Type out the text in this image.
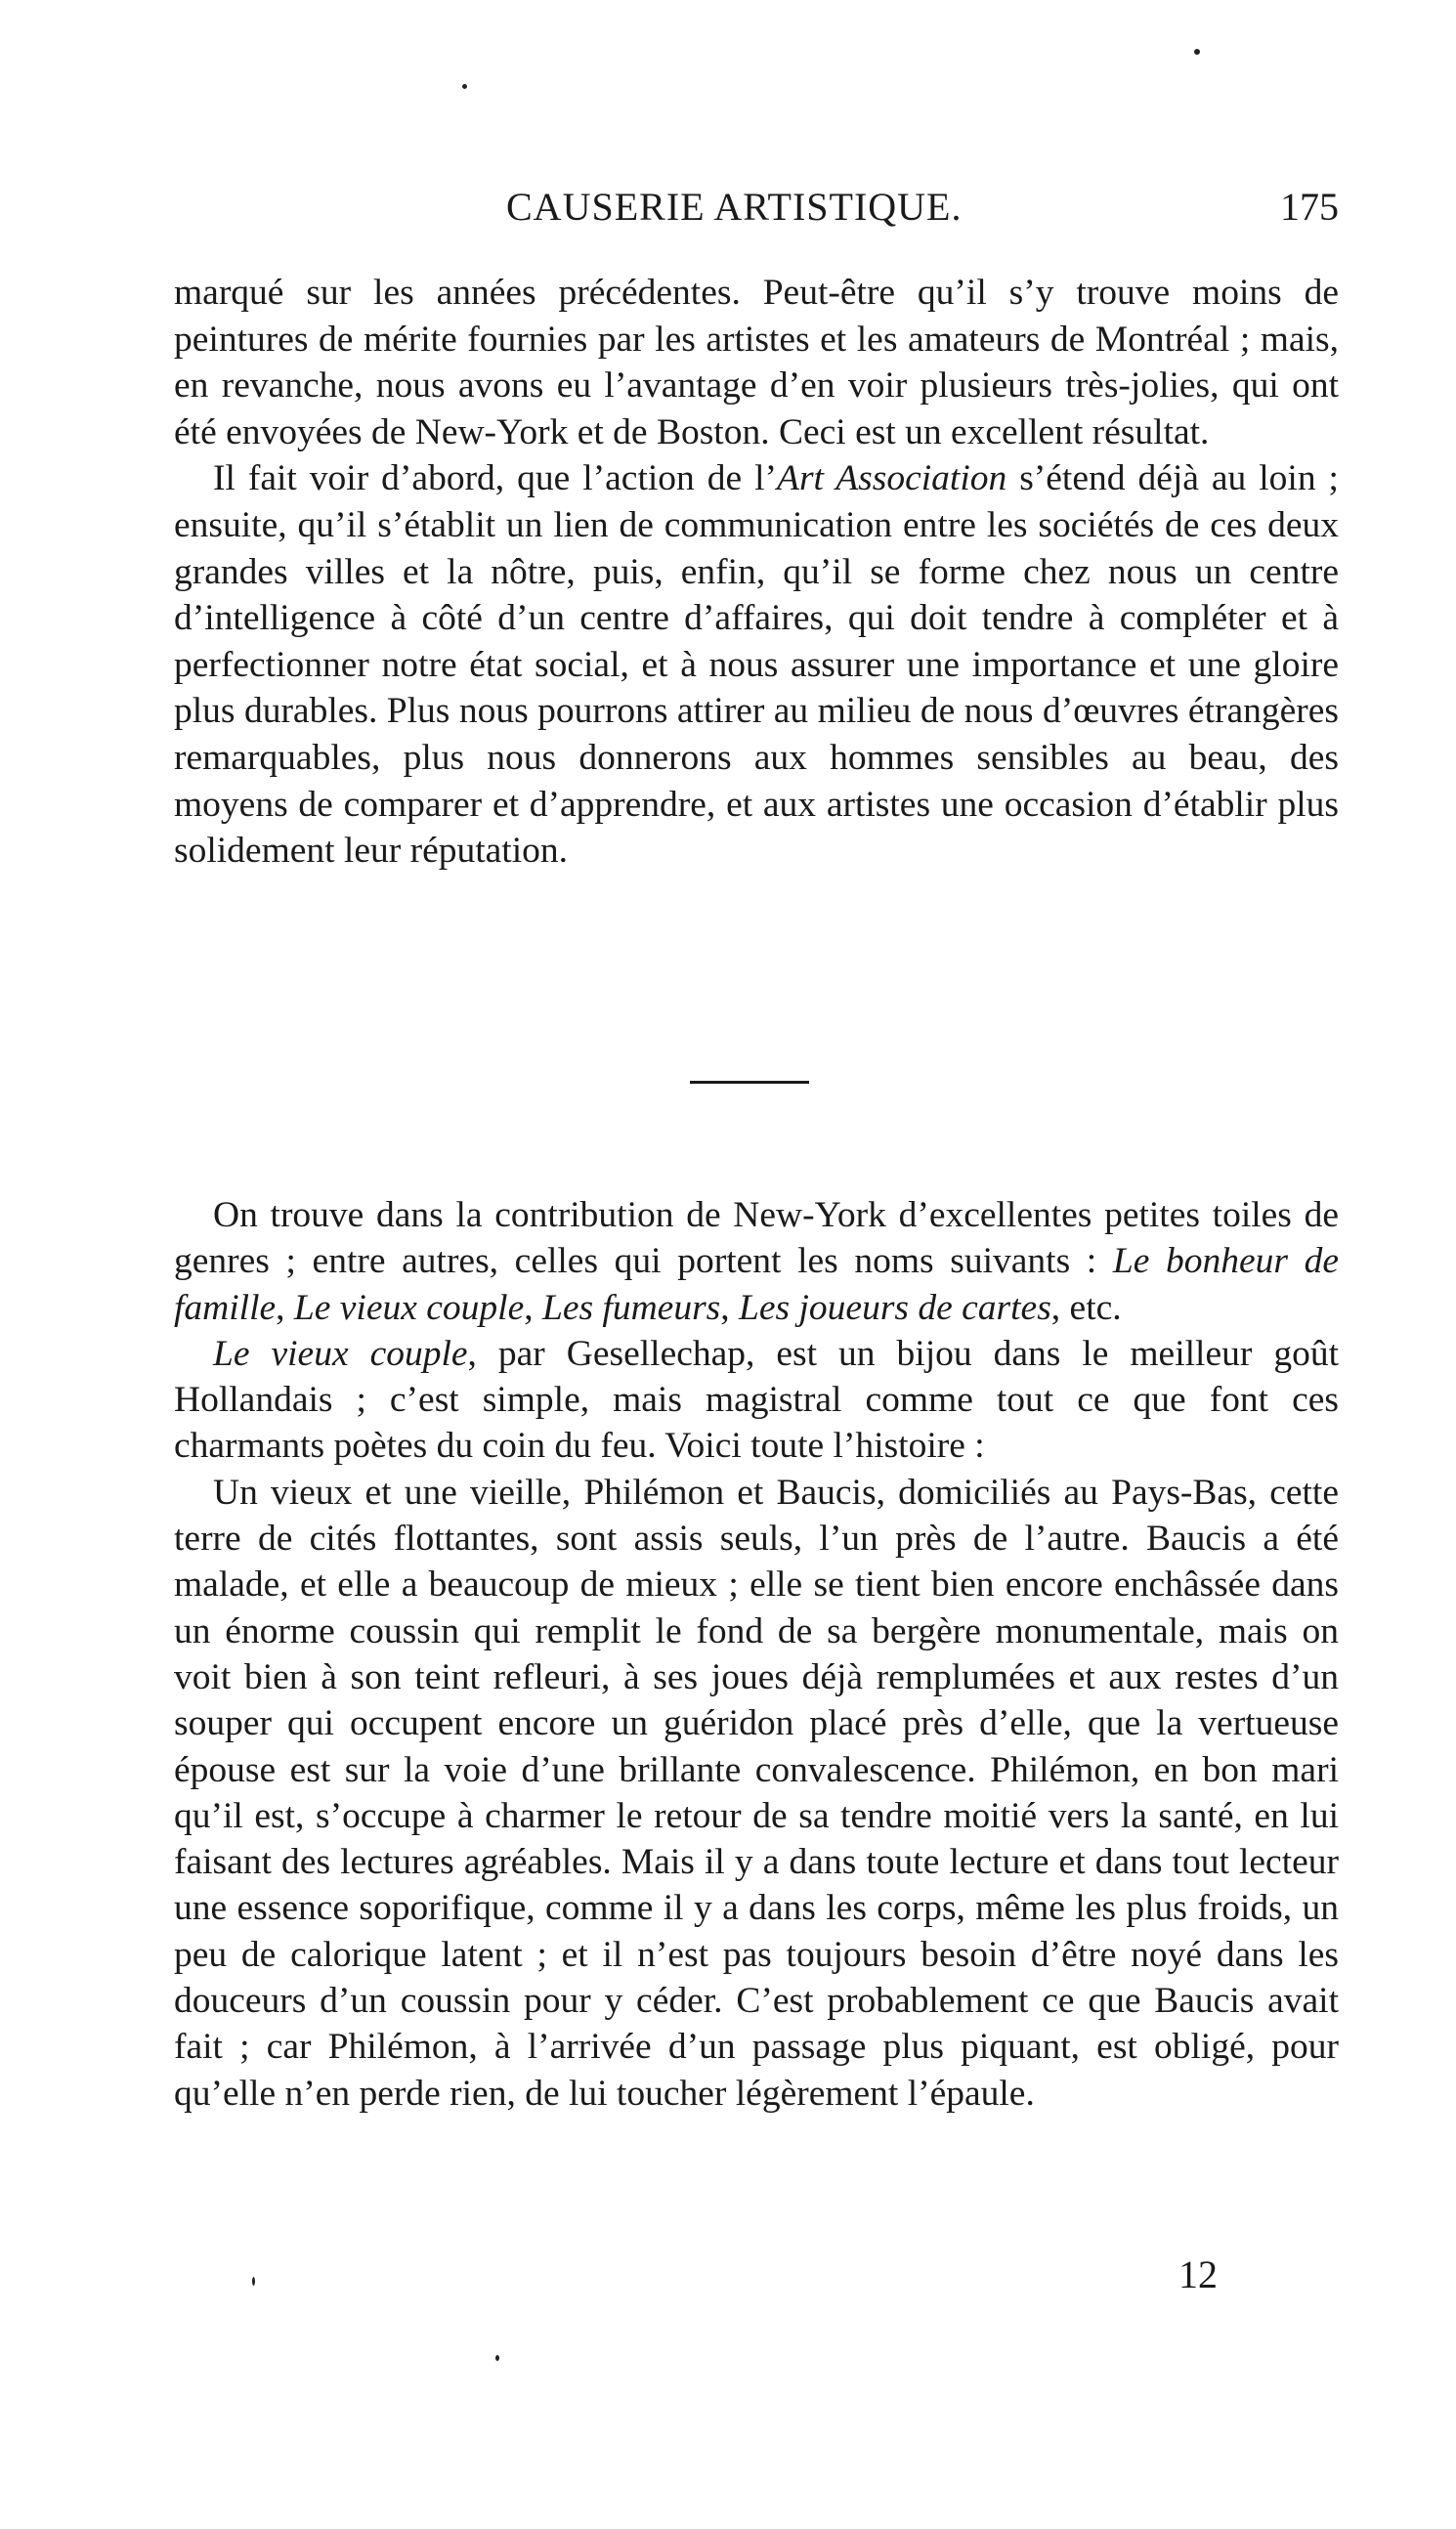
CAUSERIE ARTISTIQUE.	175

marqué sur les années précédentes. Peut-être qu’il s’y trouve moins de peintures de mérite fournies par les artistes et les amateurs de Montréal ; mais, en revanche, nous avons eu l’avantage d’en voir plusieurs très-jolies, qui ont été envoyées de New-York et de Boston. Ceci est un excellent résultat.

Il fait voir d’abord, que l’action de l’Art Association s’étend déjà au loin ; ensuite, qu’il s’établit un lien de communication entre les sociétés de ces deux grandes villes et la nôtre, puis, enfin, qu’il se forme chez nous un centre d’intelligence à côté d’un centre d’affaires, qui doit tendre à compléter et à perfectionner notre état social, et à nous assurer une importance et une gloire plus durables. Plus nous pourrons attirer au milieu de nous d’œuvres étrangères remarquables, plus nous donnerons aux hommes sensibles au beau, des moyens de comparer et d’apprendre, et aux artistes une occasion d’établir plus solidement leur réputation.

On trouve dans la contribution de New-York d’excellentes petites toiles de genres ; entre autres, celles qui portent les noms suivants : Le bonheur de famille, Le vieux couple, Les fumeurs, Les joueurs de cartes, etc.

Le vieux couple, par Gesellechap, est un bijou dans le meilleur goût Hollandais ; c’est simple, mais magistral comme tout ce que font ces charmants poètes du coin du feu. Voici toute l’histoire :

Un vieux et une vieille, Philémon et Baucis, domiciliés au Pays-Bas, cette terre de cités flottantes, sont assis seuls, l’un près de l’autre. Baucis a été malade, et elle a beaucoup de mieux ; elle se tient bien encore enchâssée dans un énorme coussin qui remplit le fond de sa bergère monumentale, mais on voit bien à son teint refleuri, à ses joues déjà remplumées et aux restes d’un souper qui occupent encore un guéridon placé près d’elle, que la vertueuse épouse est sur la voie d’une brillante convalescence. Philémon, en bon mari qu’il est, s’occupe à charmer le retour de sa tendre moitié vers la santé, en lui faisant des lectures agréables. Mais il y a dans toute lecture et dans tout lecteur une essence soporifique, comme il y a dans les corps, même les plus froids, un peu de calorique latent ; et il n’est pas toujours besoin d’être noyé dans les douceurs d’un coussin pour y céder. C’est probablement ce que Baucis avait fait ; car Philémon, à l’arrivée d’un passage plus piquant, est obligé, pour qu’elle n’en perde rien, de lui toucher légèrement l’épaule.

12
